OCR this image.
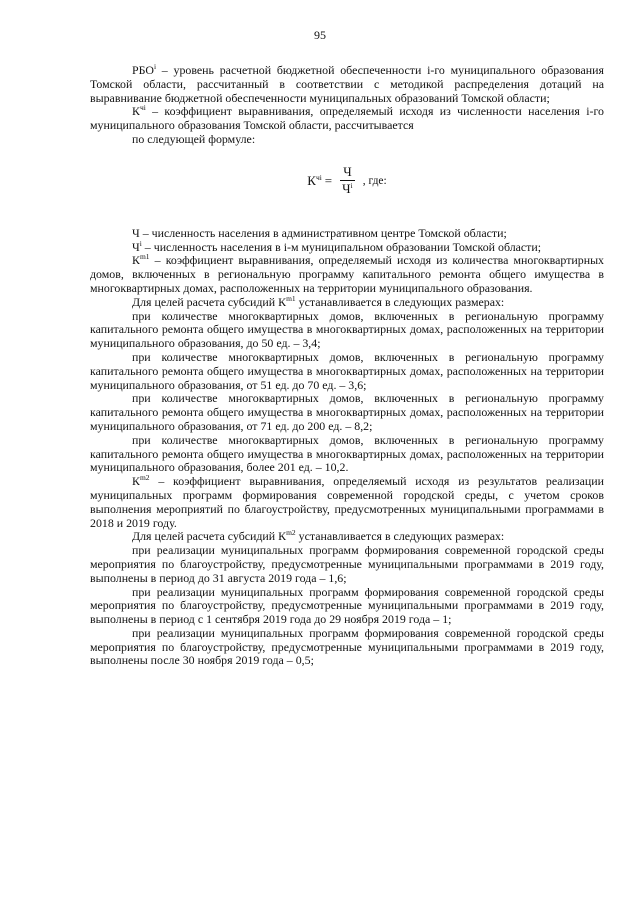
95

РБО$^i$ – уровень расчетной бюджетной обеспеченности i-го муниципального образования Томской области, рассчитанный в соответствии с методикой распределения дотаций на выравнивание бюджетной обеспеченности муниципальных образований Томской области;

$К^{чi}$ – коэффициент выравнивания, определяемый исходя из численности населения i-го муниципального образования Томской области, рассчитывается

по следующей формуле:

$К^{чi} = \frac{Ч}{Ч^i}$ , где:

Ч – численность населения в административном центре Томской области;

$Ч^i$ – численность населения в i-м муниципальном образовании Томской области;

$К^{m1}$ – коэффициент выравнивания, определяемый исходя из количества многоквартирных домов, включенных в региональную программу капитального ремонта общего имущества в многоквартирных домах, расположенных на территории муниципального образования.

Для целей расчета субсидий $К^{m1}$ устанавливается в следующих размерах:

при количестве многоквартирных домов, включенных в региональную программу капитального ремонта общего имущества в многоквартирных домах, расположенных на территории муниципального образования, до 50 ед. – 3,4;

при количестве многоквартирных домов, включенных в региональную программу капитального ремонта общего имущества в многоквартирных домах, расположенных на территории муниципального образования, от 51 ед. до 70 ед. – 3,6;

при количестве многоквартирных домов, включенных в региональную программу капитального ремонта общего имущества в многоквартирных домах, расположенных на территории муниципального образования, от 71 ед. до 200 ед. – 8,2;

при количестве многоквартирных домов, включенных в региональную программу капитального ремонта общего имущества в многоквартирных домах, расположенных на территории муниципального образования, более 201 ед. – 10,2.

$К^{m2}$ – коэффициент выравнивания, определяемый исходя из результатов реализации муниципальных программ формирования современной городской среды, с учетом сроков выполнения мероприятий по благоустройству, предусмотренных муниципальными программами в 2018 и 2019 году.

Для целей расчета субсидий $К^{m2}$ устанавливается в следующих размерах:

при реализации муниципальных программ формирования современной городской среды мероприятия по благоустройству, предусмотренные муниципальными программами в 2019 году, выполнены в период до 31 августа 2019 года – 1,6;

при реализации муниципальных программ формирования современной городской среды мероприятия по благоустройству, предусмотренные муниципальными программами в 2019 году, выполнены в период с 1 сентября 2019 года до 29 ноября 2019 года – 1;

при реализации муниципальных программ формирования современной городской среды мероприятия по благоустройству, предусмотренные муниципальными программами в 2019 году, выполнены после 30 ноября 2019 года – 0,5;
